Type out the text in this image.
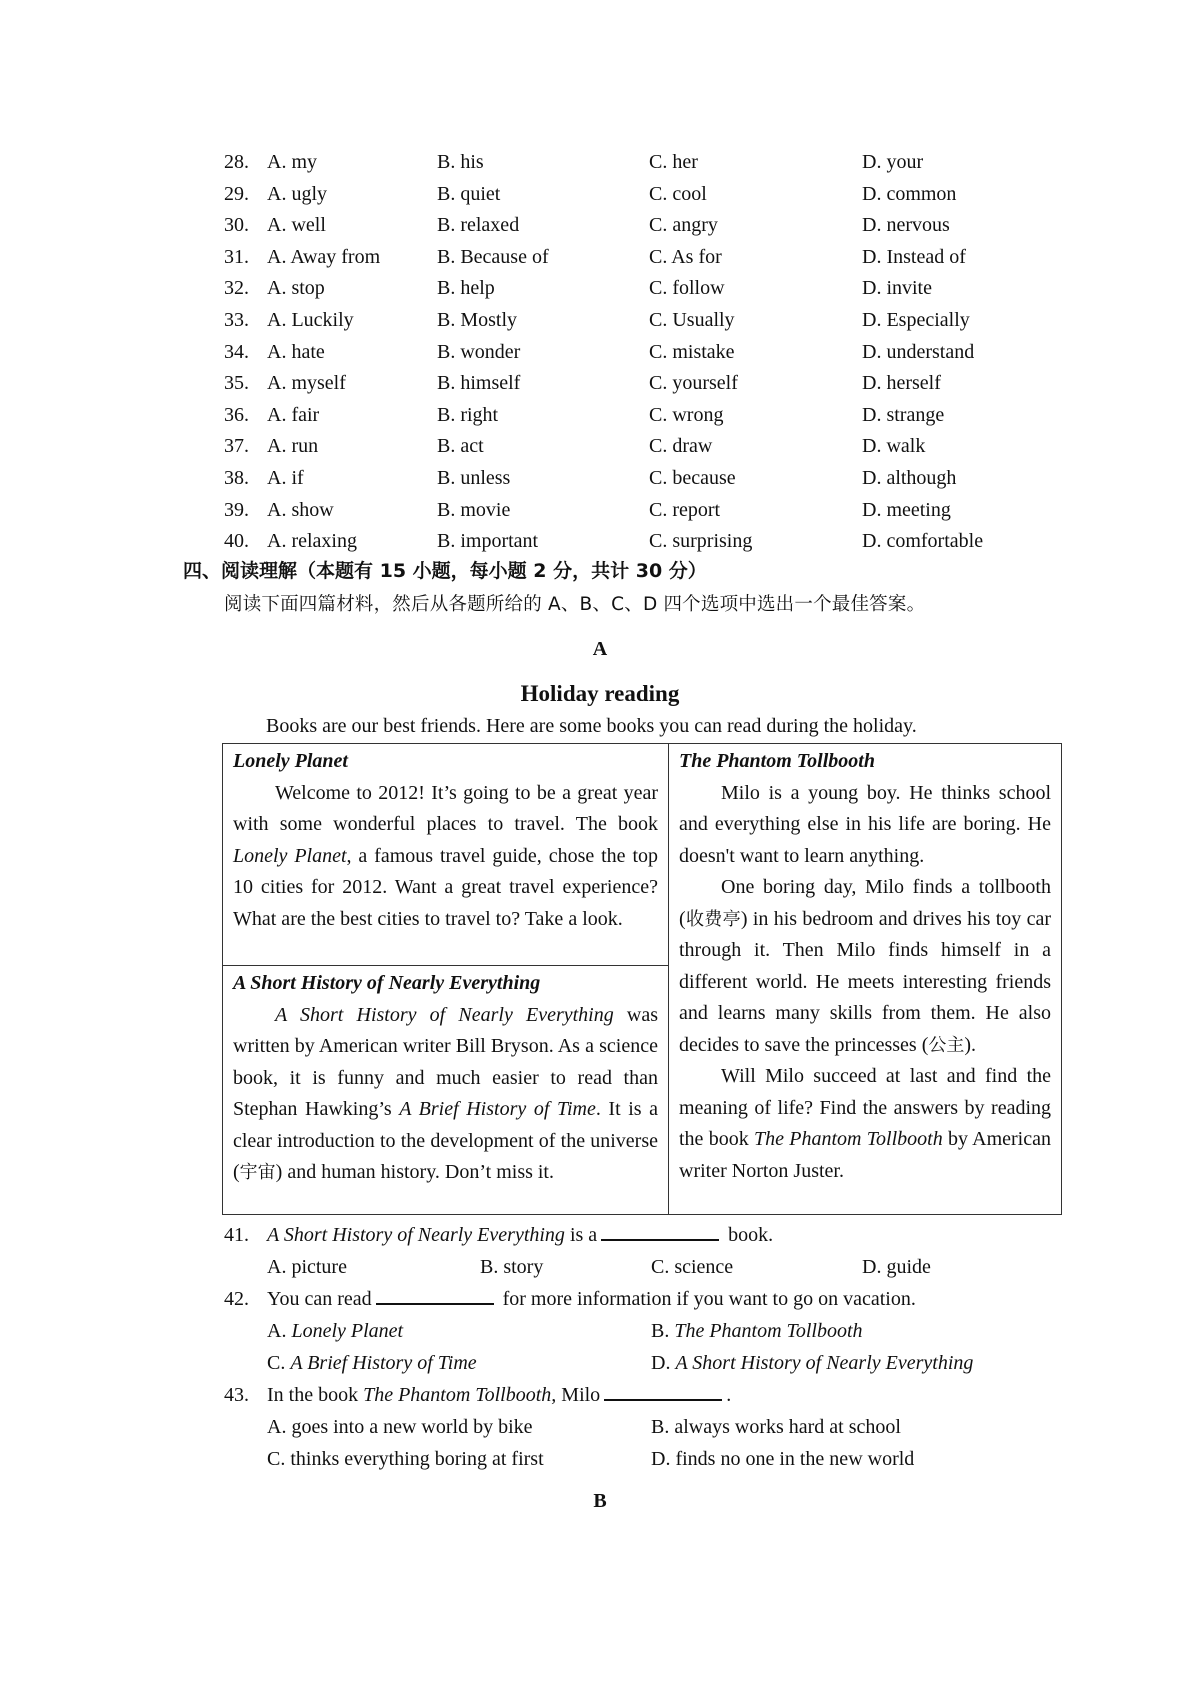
28. A. my	B. his	C. her	D. your
29. A. ugly	B. quiet	C. cool	D. common
30. A. well	B. relaxed	C. angry	D. nervous
31. A. Away from	B. Because of	C. As for	D. Instead of
32. A. stop	B. help	C. follow	D. invite
33. A. Luckily	B. Mostly	C. Usually	D. Especially
34. A. hate	B. wonder	C. mistake	D. understand
35. A. myself	B. himself	C. yourself	D. herself
36. A. fair	B. right	C. wrong	D. strange
37. A. run	B. act	C. draw	D. walk
38. A. if	B. unless	C. because	D. although
39. A. show	B. movie	C. report	D. meeting
40. A. relaxing	B. important	C. surprising	D. comfortable
四、阅读理解（本题有 15 小题，每小题 2 分，共计 30 分）
阅读下面四篇材料，然后从各题所给的 A、B、C、D 四个选项中选出一个最佳答案。
A
Holiday reading
Books are our best friends. Here are some books you can read during the holiday.
Lonely Planet

Welcome to 2012! It’s going to be a great year with some wonderful places to travel. The book Lonely Planet, a famous travel guide, chose the top 10 cities for 2012. Want a great travel experience? What are the best cities to travel to? Take a look.

A Short History of Nearly Everything

A Short History of Nearly Everything was written by American writer Bill Bryson. As a science book, it is funny and much easier to read than Stephan Hawking’s A Brief History of Time. It is a clear introduction to the development of the universe (宇宙) and human history. Don’t miss it.

The Phantom Tollbooth

Milo is a young boy. He thinks school and everything else in his life are boring. He doesn't want to learn anything.

One boring day, Milo finds a tollbooth (收费亭) in his bedroom and drives his toy car through it. Then Milo finds himself in a different world. He meets interesting friends and learns many skills from them. He also decides to save the princesses (公主).

Will Milo succeed at last and find the meaning of life? Find the answers by reading the book The Phantom Tollbooth by American writer Norton Juster.

41. A Short History of Nearly Everything is a	book.
A. picture	B. story	C. science	D. guide
42. You can read	for more information if you want to go on vacation.
A. Lonely Planet	B. The Phantom Tollbooth
C. A Brief History of Time	D. A Short History of Nearly Everything
43. In the book The Phantom Tollbooth, Milo	.
A. goes into a new world by bike	B. always works hard at school
C. thinks everything boring at first	D. finds no one in the new world
B
